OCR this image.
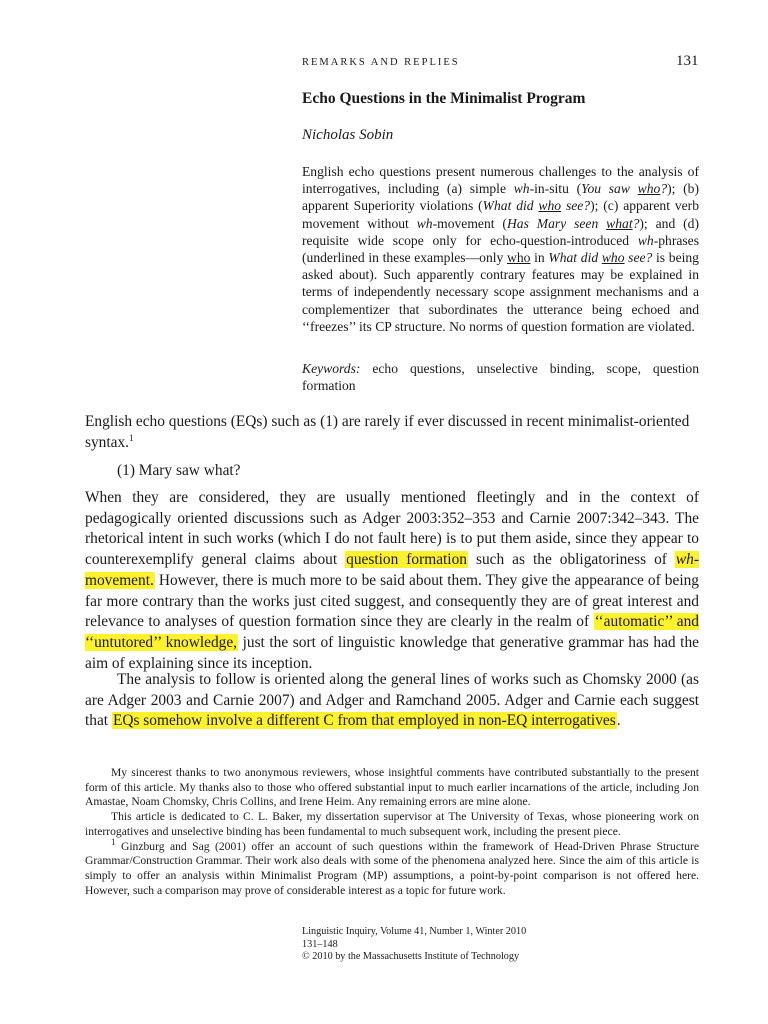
REMARKS AND REPLIES	131
Echo Questions in the Minimalist Program
Nicholas Sobin

English echo questions present numerous challenges to the analysis of interrogatives, including (a) simple wh-in-situ (You saw who?); (b) apparent Superiority violations (What did who see?); (c) apparent verb movement without wh-movement (Has Mary seen what?); and (d) requisite wide scope only for echo-question-introduced wh-phrases (underlined in these examples—only who in What did who see? is being asked about). Such apparently contrary features may be explained in terms of independently necessary scope assignment mechanisms and a complementizer that subordinates the utterance being echoed and ‘‘freezes’’ its CP structure. No norms of question formation are violated.

Keywords: echo questions, unselective binding, scope, question formation

English echo questions (EQs) such as (1) are rarely if ever discussed in recent minimalist-oriented syntax.$^1$

(1) Mary saw what?

When they are considered, they are usually mentioned fleetingly and in the context of pedagogically oriented discussions such as Adger 2003:352–353 and Carnie 2007:342–343. The rhetorical intent in such works (which I do not fault here) is to put them aside, since they appear to counterexemplify general claims about question formation such as the obligatoriness of wh-movement. However, there is much more to be said about them. They give the appearance of being far more contrary than the works just cited suggest, and consequently they are of great interest and relevance to analyses of question formation since they are clearly in the realm of ‘‘automatic’’ and ‘‘untutored’’ knowledge, just the sort of linguistic knowledge that generative grammar has had the aim of explaining since its inception.

The analysis to follow is oriented along the general lines of works such as Chomsky 2000 (as are Adger 2003 and Carnie 2007) and Adger and Ramchand 2005. Adger and Carnie each suggest that EQs somehow involve a different C from that employed in non-EQ interrogatives.

My sincerest thanks to two anonymous reviewers, whose insightful comments have contributed substantially to the present form of this article. My thanks also to those who offered substantial input to much earlier incarnations of the article, including Jon Amastae, Noam Chomsky, Chris Collins, and Irene Heim. Any remaining errors are mine alone.

This article is dedicated to C. L. Baker, my dissertation supervisor at The University of Texas, whose pioneering work on interrogatives and unselective binding has been fundamental to much subsequent work, including the present piece.

$^1$ Ginzburg and Sag (2001) offer an account of such questions within the framework of Head-Driven Phrase Structure Grammar/Construction Grammar. Their work also deals with some of the phenomena analyzed here. Since the aim of this article is simply to offer an analysis within Minimalist Program (MP) assumptions, a point-by-point comparison is not offered here. However, such a comparison may prove of considerable interest as a topic for future work.

Linguistic Inquiry, Volume 41, Number 1, Winter 2010
131–148
© 2010 by the Massachusetts Institute of Technology
